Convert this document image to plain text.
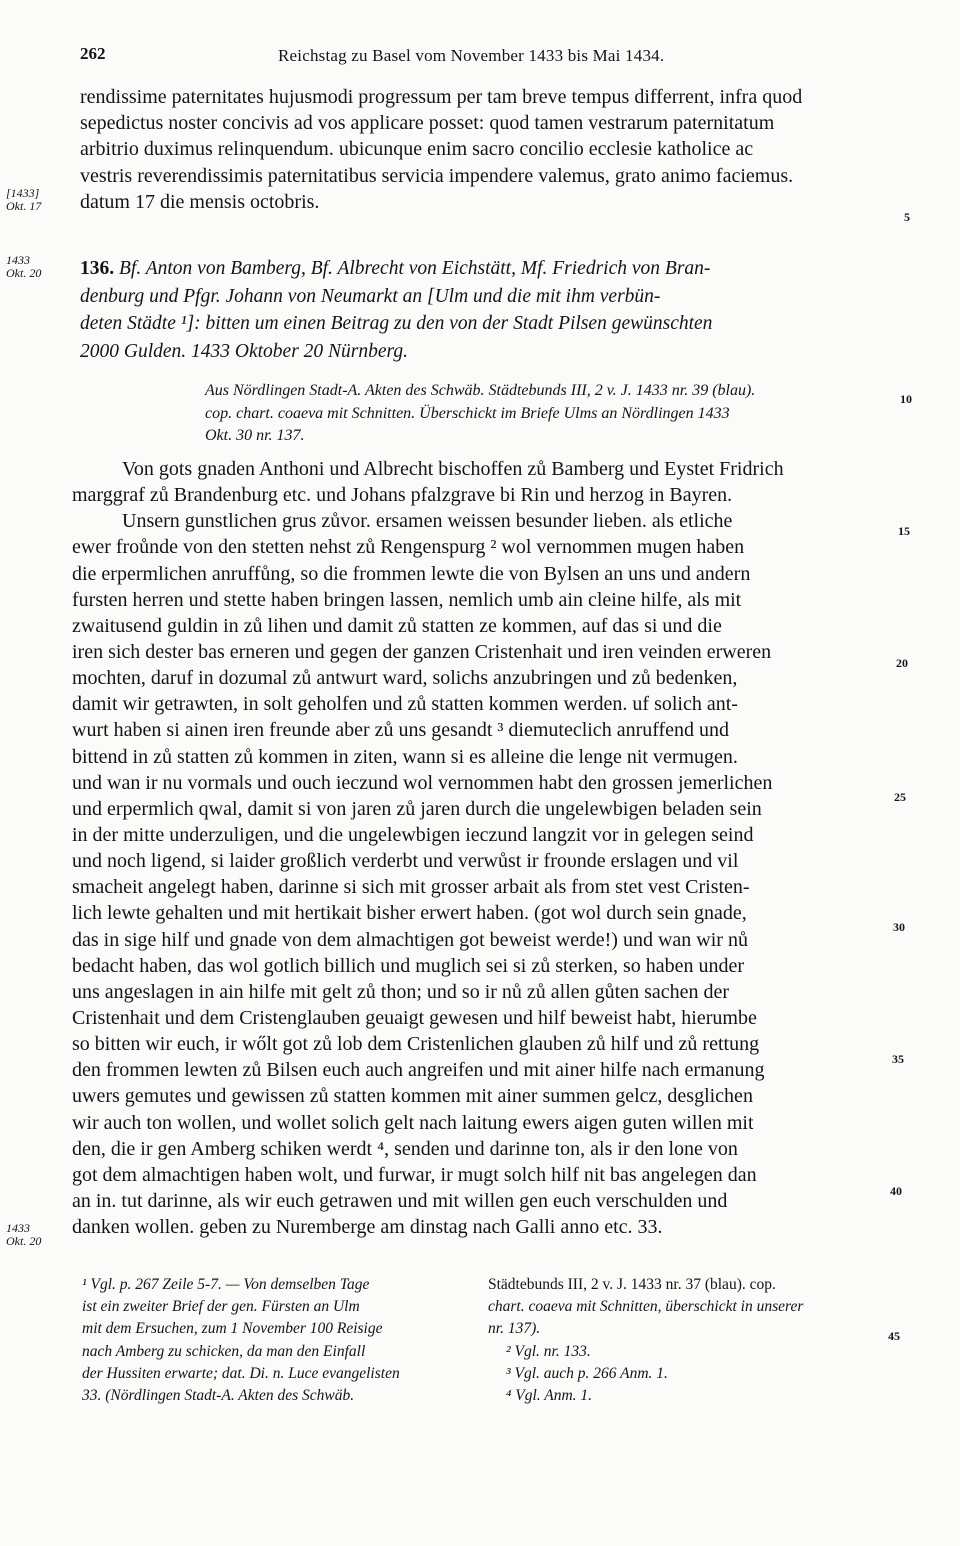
262	Reichstag zu Basel vom November 1433 bis Mai 1434.
rendissime paternitates hujusmodi progressum per tam breve tempus differrent, infra quod
sepedictus noster concivis ad vos applicare posset: quod tamen vestrarum paternitatum
arbitrio duximus relinquendum. ubicunque enim sacro concilio ecclesie katholice ac
vestris reverendissimis paternitatibus servicia impendere valemus, grato animo faciemus.
datum 17 die mensis octobris.
[1433]
Okt. 17
1433
Okt. 20 136. Bf. Anton von Bamberg, Bf. Albrecht von Eichstätt, Mf. Friedrich von Bran-
denburg und Pfgr. Johann von Neumarkt an [Ulm und die mit ihm verbün-
deten Städte ¹]: bitten um einen Beitrag zu den von der Stadt Pilsen gewünschten
2000 Gulden. 1433 Oktober 20 Nürnberg.
Aus Nördlingen Stadt-A. Akten des Schwäb. Städtebunds III, 2 v. J. 1433 nr. 39 (blau).
cop. chart. coaeva mit Schnitten. Überschickt im Briefe Ulms an Nördlingen 1433
Okt. 30 nr. 137.
Von gots gnaden Anthoni und Albrecht bischoffen zů Bamberg und Eystet Fridrich
marggraf zů Brandenburg etc. und Johans pfalzgrave bi Rin und herzog in Bayren.
Unsern gunstlichen grus zůvor. ersamen weissen besunder lieben. als etliche
ewer froůnde von den stetten nehst zů Rengenspurg ² wol vernommen mugen haben
die erpermlichen anruffůng, so die frommen lewte die von Bylsen an uns und andern
fursten herren und stette haben bringen lassen, nemlich umb ain cleine hilfe, als mit
zwaitusend guldin in zů lihen und damit zů statten ze kommen, auf das si und die
iren sich dester bas erneren und gegen der ganzen Cristenhait und iren veinden erweren
mochten, daruf in dozumal zů antwurt ward, solichs anzubringen und zů bedenken,
damit wir getrawten, in solt geholfen und zů statten kommen werden. uf solich ant-
wurt haben si ainen iren freunde aber zů uns gesandt ³ diemuteclich anruffend und
bittend in zů statten zů kommen in ziten, wann si es alleine die lenge nit vermugen.
und wan ir nu vormals und ouch ieczund wol vernommen habt den grossen jemerlichen
und erpermlich qwal, damit si von jaren zů jaren durch die ungelewbigen beladen sein
in der mitte underzuligen, und die ungelewbigen ieczund langzit vor in gelegen seind
und noch ligend, si laider großlich verderbt und verwůst ir froυnde erslagen und vil
smacheit angelegt haben, darinne si sich mit grosser arbait als from stet vest Cristen-
lich lewte gehalten und mit hertikait bisher erwert haben. (got wol durch sein gnade,
das in sige hilf und gnade von dem almachtigen got beweist werde!) und wan wir nů
bedacht haben, das wol gotlich billich und muglich sei si zů sterken, so haben under
uns angeslagen in ain hilfe mit gelt zů thon; und so ir nů zů allen gůten sachen der
Cristenhait und dem Cristenglauben geuaigt gewesen und hilf beweist habt, hierumbe
so bitten wir euch, ir wőlt got zů lob dem Cristenlichen glauben zů hilf und zů rettung
den frommen lewten zů Bilsen euch auch angreifen und mit ainer hilfe nach ermanung
uwers gemutes und gewissen zů statten kommen mit ainer summen gelcz, desglichen
wir auch ton wollen, und wollet solich gelt nach laitung ewers aigen guten willen mit
den, die ir gen Amberg schiken werdt ⁴, senden und darinne ton, als ir den lone von
got dem almachtigen haben wolt, und furwar, ir mugt solch hilf nit bas angelegen dan
an in. tut darinne, als wir euch getrawen und mit willen gen euch verschulden und
danken wollen. geben zu Nuremberge am dinstag nach Galli anno etc. 33.
1433
Okt. 20
5
10
15
20
25
30
35
40
45
¹ Vgl. p. 267 Zeile 5-7. — Von demselben Tage
ist ein zweiter Brief der gen. Fürsten an Ulm
mit dem Ersuchen, zum 1 November 100 Reisige
nach Amberg zu schicken, da man den Einfall
der Hussiten erwarte; dat. Di. n. Luce evangelisten
33. (Nördlingen Stadt-A. Akten des Schwäb.
Städtebunds III, 2 v. J. 1433 nr. 37 (blau). cop.
chart. coaeva mit Schnitten, überschickt in unserer
nr. 137).
² Vgl. nr. 133.
³ Vgl. auch p. 266 Anm. 1.
⁴ Vgl. Anm. 1.
